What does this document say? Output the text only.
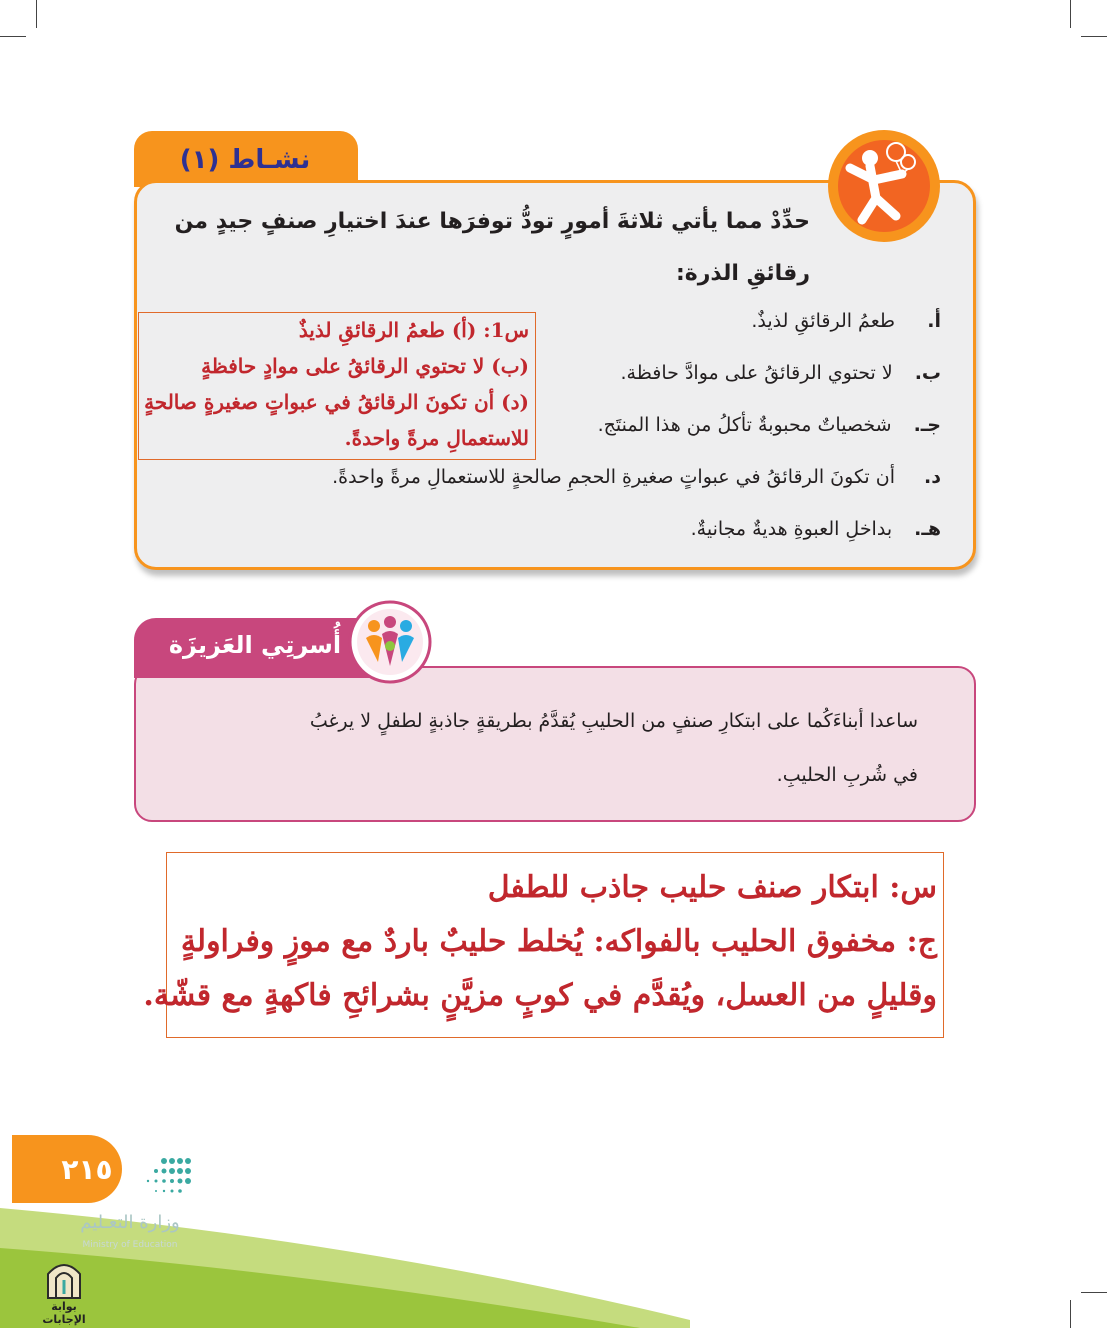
نشـاط (١)
حدِّدْ مما يأتي ثلاثةَ أمورٍ تودُّ توفرَها عندَ اختيارِ صنفٍ جيدٍ من
رقائقِ الذرة:
أ.طعمُ الرقائقِ لذيذٌ.
ب.لا تحتوي الرقائقُ على موادَّ حافظة.
جـ.شخصياتٌ محبوبةٌ تأكلُ من هذا المنتَج.
د.أن تكونَ الرقائقُ في عبواتٍ صغيرةِ الحجمِ صالحةٍ للاستعمالِ مرةً واحدةً.
هـ.بداخلِ العبوةِ هديةٌ مجانيةٌ.
س1: (أ) طعمُ الرقائقِ لذيذٌ
(ب) لا تحتوي الرقائقُ على موادٍ حافظةٍ
(د) أن تكونَ الرقائقُ في عبواتٍ صغيرةٍ صالحةٍ
للاستعمالِ مرةً واحدةً.
أُسرتِي العَزيزَة
ساعدا أبناءَكُما على ابتكارِ صنفٍ من الحليبِ يُقدَّمُ بطريقةٍ جاذبةٍ لطفلٍ لا يرغبُ
في شُربِ الحليبِ.
س: ابتكار صنف حليب جاذب للطفل
ج: مخفوق الحليب بالفواكه: يُخلط حليبٌ باردٌ مع موزٍ وفراولةٍ
وقليلٍ من العسل، ويُقدَّم في كوبٍ مزيَّنٍ بشرائحِ فاكهةٍ مع قشّة.
٢١٥
وزارة التعـليم
Ministry of Education
بوابة الإجابات
